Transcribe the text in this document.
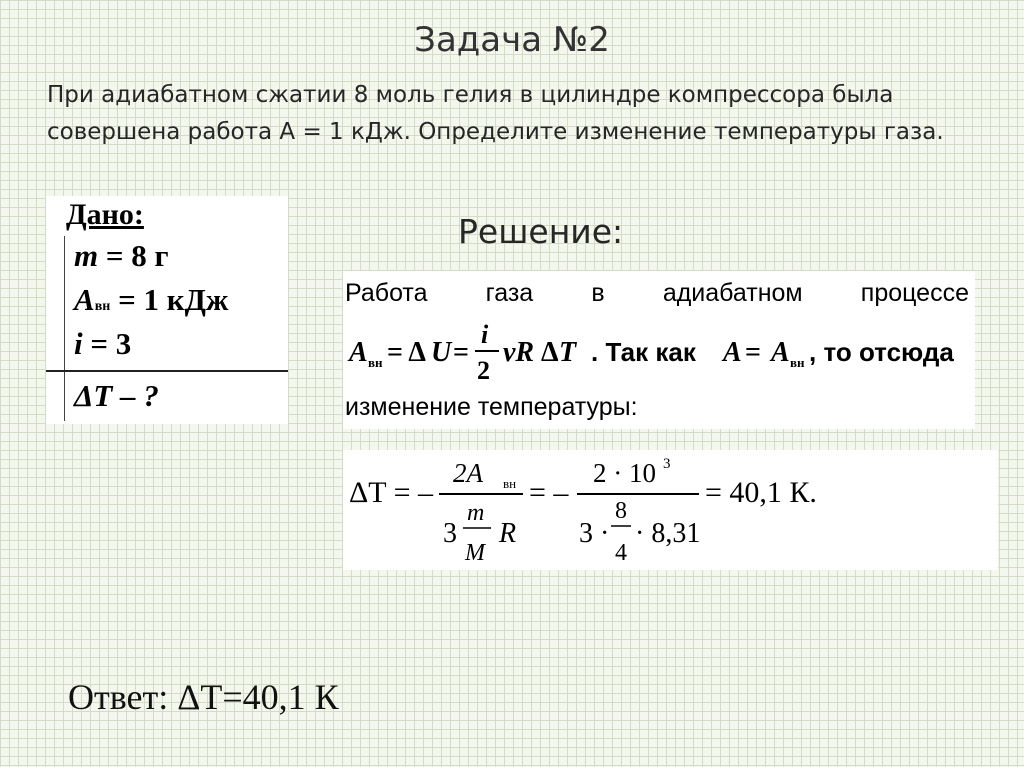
Задача №2
При адиабатном сжатии 8 моль гелия в цилиндре компрессора была совершена работа А = 1 кДж. Определите изменение температуры газа.
Дано:
m = 8 г
Aвн = 1 кДж
i = 3
ΔT – ?
Решение:
Работа газа в адиабатном процессе
A вн = Δ U =
i
2
νR Δ T . Так как A = A вн , то отсюда
изменение температуры:
ΔT = –
2A вн
3
m
M
R
= –
2 · 10 3
3 ·
8
4
· 8,31
= 40,1 К.
Ответ: ΔT=40,1 К
